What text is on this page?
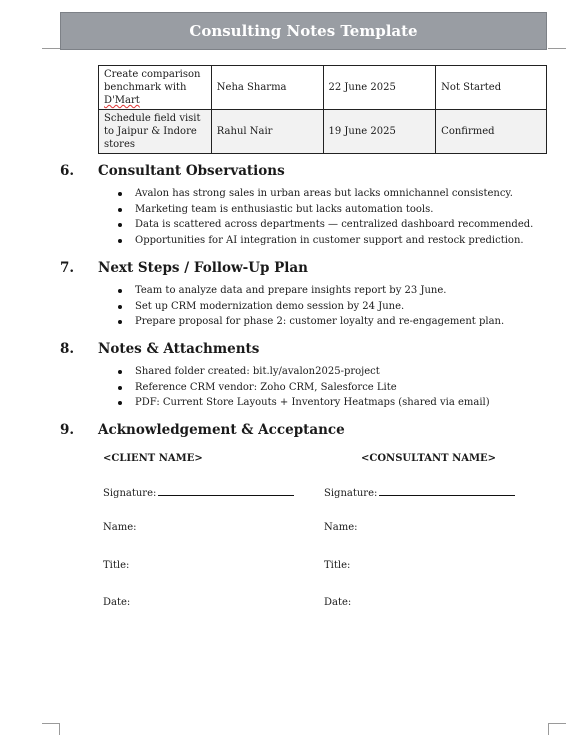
Consulting Notes Template
Create comparison benchmark with D'Mart	Neha Sharma	22 June 2025	Not Started
Schedule field visit to Jaipur & Indore stores	Rahul Nair	19 June 2025	Confirmed
6.	Consultant Observations
Avalon has strong sales in urban areas but lacks omnichannel consistency.
Marketing team is enthusiastic but lacks automation tools.
Data is scattered across departments — centralized dashboard recommended.
Opportunities for AI integration in customer support and restock prediction.
7.	Next Steps / Follow-Up Plan
Team to analyze data and prepare insights report by 23 June.
Set up CRM modernization demo session by 24 June.
Prepare proposal for phase 2: customer loyalty and re-engagement plan.
8.	Notes & Attachments
Shared folder created: bit.ly/avalon2025-project
Reference CRM vendor: Zoho CRM, Salesforce Lite
PDF: Current Store Layouts + Inventory Heatmaps (shared via email)
9.	Acknowledgement & Acceptance
<CLIENT NAME>	<CONSULTANT NAME>
Signature:	Signature:
Name:	Name:
Title:	Title:
Date:	Date:
